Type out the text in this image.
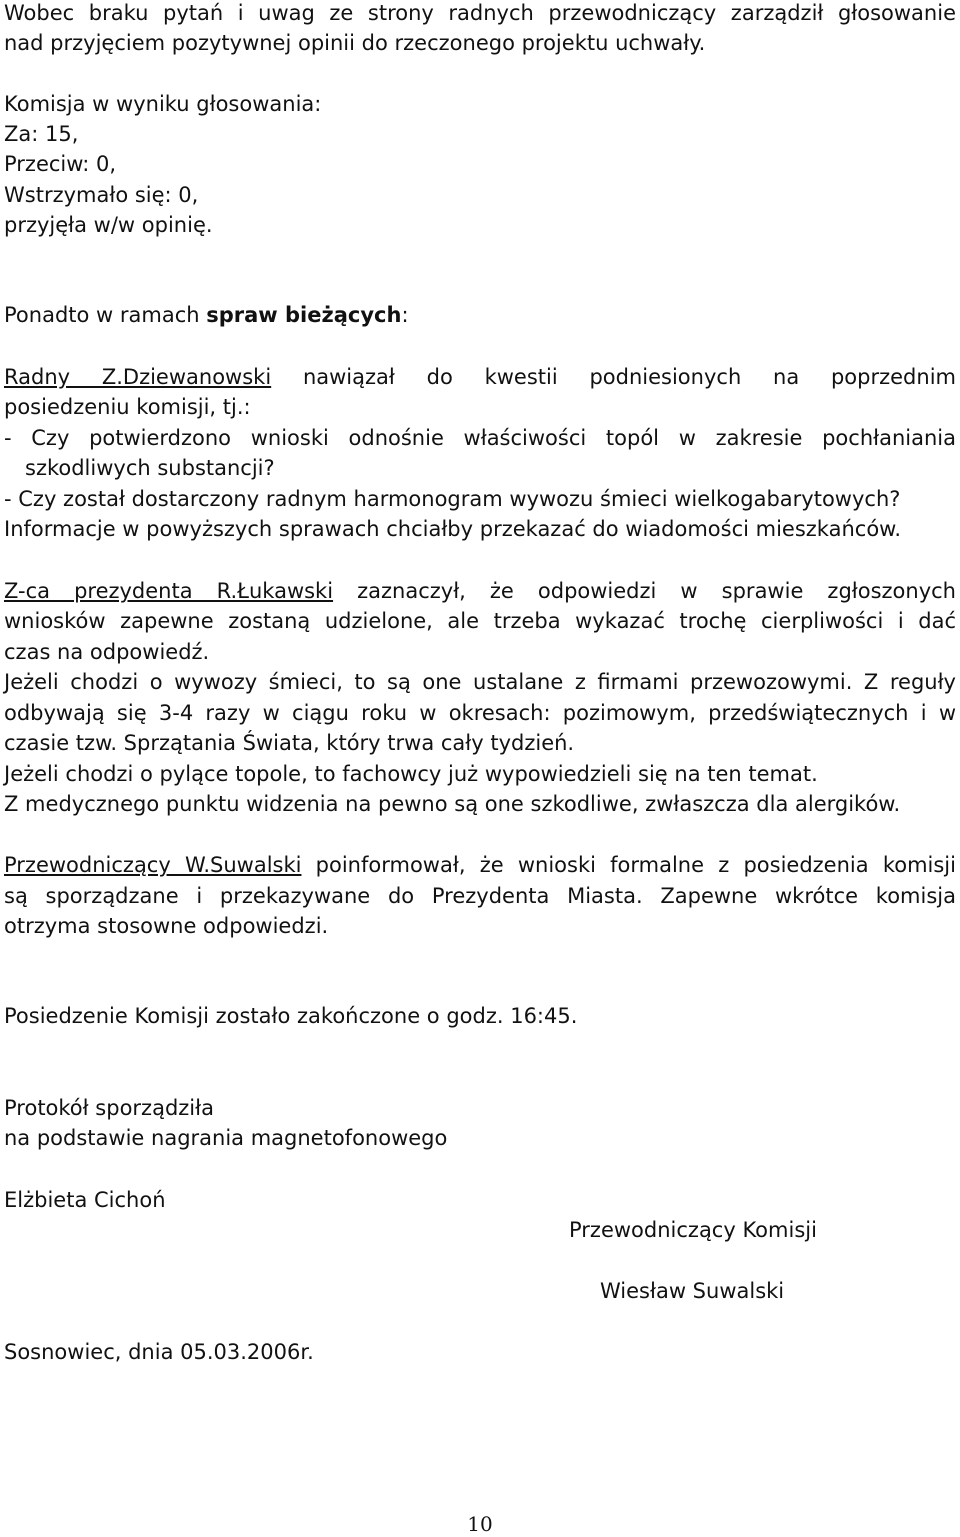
Wobec braku pytań i uwag ze strony radnych przewodniczący zarządził głosowanie
nad przyjęciem pozytywnej opinii do rzeczonego projektu uchwały.
Komisja w wyniku głosowania:
Za: 15,
Przeciw: 0,
Wstrzymało się: 0,
przyjęła w/w opinię.
Ponadto w ramach spraw bieżących:
Radny Z.Dziewanowski nawiązał do kwestii podniesionych na poprzednim
posiedzeniu komisji, tj.:
- Czy potwierdzono wnioski odnośnie właściwości topól w zakresie pochłaniania
szkodliwych substancji?
- Czy został dostarczony radnym harmonogram wywozu śmieci wielkogabarytowych?
Informacje w powyższych sprawach chciałby przekazać do wiadomości mieszkańców.
Z-ca prezydenta R.Łukawski zaznaczył, że odpowiedzi w sprawie zgłoszonych
wniosków zapewne zostaną udzielone, ale trzeba wykazać trochę cierpliwości i dać
czas na odpowiedź.
Jeżeli chodzi o wywozy śmieci, to są one ustalane z firmami przewozowymi. Z reguły
odbywają się 3-4 razy w ciągu roku w okresach: pozimowym, przedświątecznych i w
czasie tzw. Sprzątania Świata, który trwa cały tydzień.
Jeżeli chodzi o pylące topole, to fachowcy już wypowiedzieli się na ten temat.
Z medycznego punktu widzenia na pewno są one szkodliwe, zwłaszcza dla alergików.
Przewodniczący W.Suwalski poinformował, że wnioski formalne z posiedzenia komisji
są sporządzane i przekazywane do Prezydenta Miasta. Zapewne wkrótce komisja
otrzyma stosowne odpowiedzi.
Posiedzenie Komisji zostało zakończone o godz. 16:45.
Protokół sporządziła
na podstawie nagrania magnetofonowego
Elżbieta Cichoń
Przewodniczący Komisji
Wiesław Suwalski
Sosnowiec, dnia 05.03.2006r.
10
